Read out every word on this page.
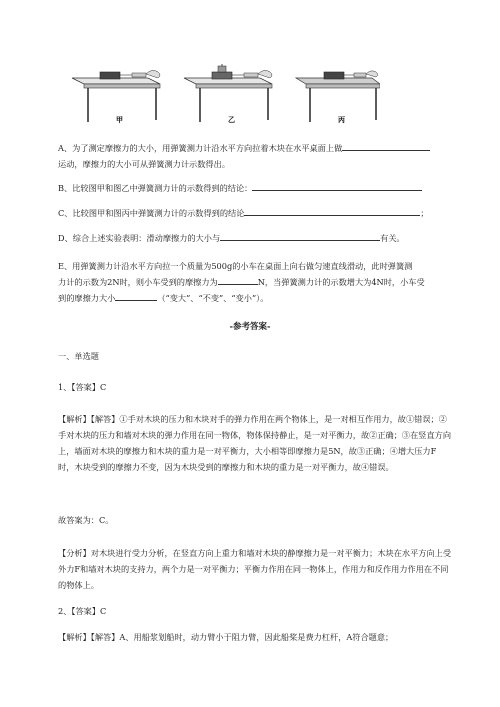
甲	乙	丙
A、为了测定摩擦力的大小，用弹簧测力计沿水平方向拉着木块在水平桌面上做
运动，摩擦力的大小可从弹簧测力计示数得出。
B、比较图甲和图乙中弹簧测力计的示数得到的结论：
C、比较图甲和图丙中弹簧测力计的示数得到的结论	；
D、综合上述实验表明：滑动摩擦力的大小与	有关。
E、用弹簧测力计沿水平方向拉一个质量为500g的小车在桌面上向右做匀速直线滑动，此时弹簧测
力计的示数为2N时，则小车受到的摩擦力为	N，当弹簧测力计的示数增大为4N时，小车受
到的摩擦力大小	（“变大”、“不变”、“变小”）。
-参考答案-
一、单选题
1、【答案】C
【解析】【解答】①手对木块的压力和木块对手的弹力作用在两个物体上，是一对相互作用力，故①错误；②手对木块的压力和墙对木块的弹力作用在同一物体，物体保持静止，是一对平衡力，故②正确；③在竖直方向上，墙面对木块的摩擦力和木块的重力是一对平衡力，大小相等即摩擦力是5N，故③正确；④增大压力F时，木块受到的摩擦力不变，因为木块受到的摩擦力和木块的重力是一对平衡力，故④错误。
故答案为：C。
【分析】对木块进行受力分析，在竖直方向上重力和墙对木块的静摩擦力是一对平衡力；木块在水平方向上受外力F和墙对木块的支持力，两个力是一对平衡力；平衡力作用在同一物体上，作用力和反作用力作用在不同的物体上。
2、【答案】C
【解析】【解答】A、用船浆划船时，动力臂小于阻力臂，因此船桨是费力杠杆，A符合题意；
